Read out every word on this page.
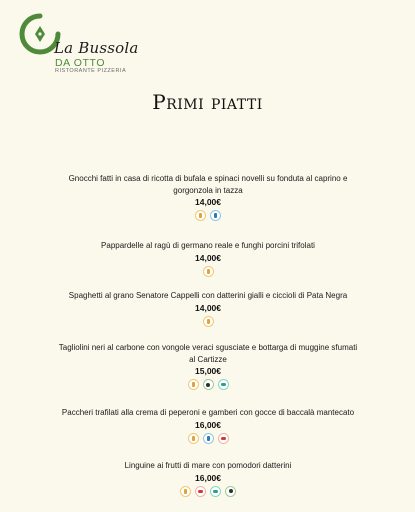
La Bussola
DA OTTO
RISTORANTE PIZZERIA
Primi piatti
Gnocchi fatti in casa di ricotta di bufala e spinaci novelli su fonduta al caprino e gorgonzola in tazza
14,00€
Pappardelle al ragù di germano reale e funghi porcini trifolati
14,00€
Spaghetti al grano Senatore Cappelli con datterini gialli e ciccioli di Pata Negra
14,00€
Tagliolini neri al carbone con vongole veraci sgusciate e bottarga di muggine sfumati al Cartizze
15,00€
Paccheri trafilati alla crema di peperoni e gamberi con gocce di baccalà mantecato
16,00€
Linguine ai frutti di mare con pomodori datterini
16,00€
